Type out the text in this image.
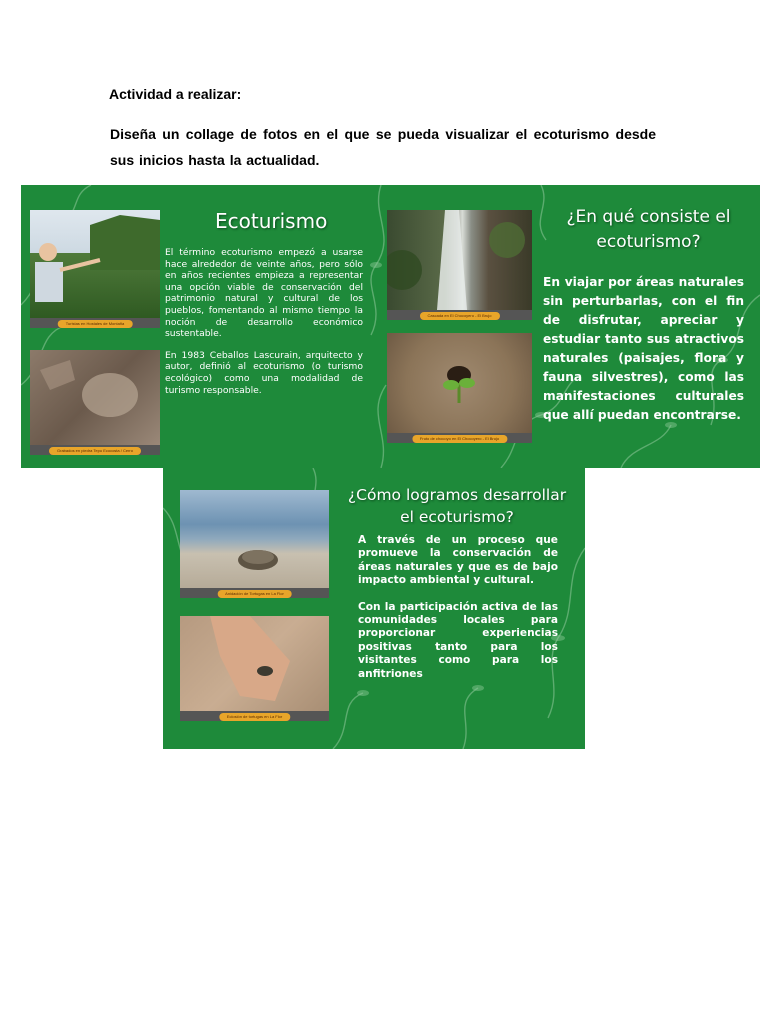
Actividad a realizar:
Diseña un collage de fotos en el que se pueda visualizar el ecoturismo desde sus inicios hasta la actualidad.
Turistas en Hostales de Montaña
Grabados en piedra Tepu Ecocosta / Cerro
Ecoturismo

El término ecoturismo empezó a usarse hace alrededor de veinte años, pero sólo en años recientes empieza a representar una opción viable de conservación del patrimonio natural y cultural de los pueblos, fomentando al mismo tiempo la noción de desarrollo económico sustentable.

En 1983 Ceballos Lascurain, arquitecto y autor, definió al ecoturismo (o turismo ecológico) como una modalidad de turismo responsable.

Cascada en El Chocoyero - El Brujo
Fruto de chocoyo en El Chocoyero - El Brujo
¿En qué consiste el ecoturismo?
En viajar por áreas naturales sin perturbarlas, con el fin de disfrutar, apreciar y estudiar tanto sus atractivos naturales (paisajes, flora y fauna silvestres), como las manifestaciones culturales que allí puedan encontrarse.
Anidación de Tortugas en La Flor
Eclosión de tortugas en La Flor
¿Cómo logramos desarrollar el ecoturismo?

A través de un proceso que promueve la conservación de áreas naturales y que es de bajo impacto ambiental y cultural.

Con la participación activa de las comunidades locales para proporcionar experiencias positivas tanto para los visitantes como para los anfitriones
